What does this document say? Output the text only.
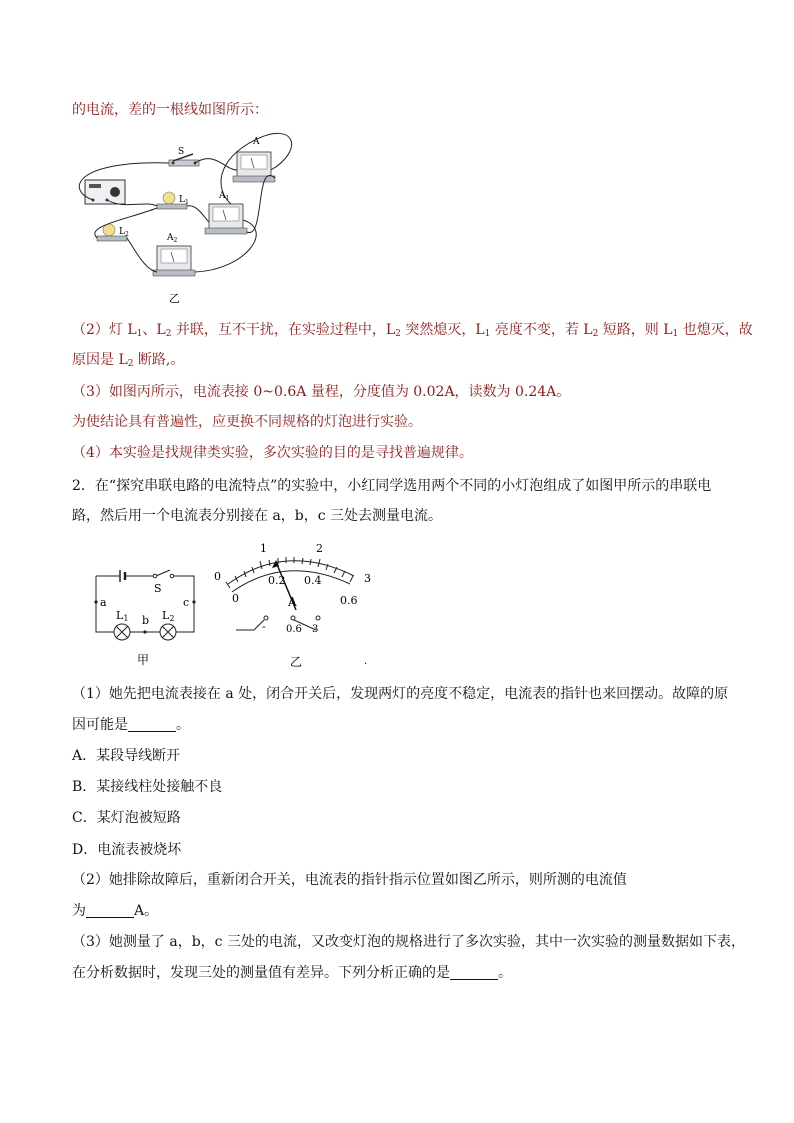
的电流，差的一根线如图所示：
S
A
$L_1$
$A_1$
$L_2$	$A_2$
乙
（2）灯 $L_1$、$L_2$ 并联，互不干扰，在实验过程中，$L_2$ 突然熄灭，$L_1$ 亮度不变，若 $L_2$ 短路，则 $L_1$ 也熄灭，故
原因是 $L_2$ 断路,。
（3）如图丙所示，电流表接 0~0.6A 量程，分度值为 0.02A，读数为 0.24A。
为使结论具有普遍性，应更换不同规格的灯泡进行实验。
（4）本实验是找规律类实验，多次实验的目的是寻找普遍规律。
2．在“探究串联电路的电流特点”的实验中，小红同学选用两个不同的小灯泡组成了如图甲所示的串联电
路，然后用一个电流表分别接在 a，b，c 三处去测量电流。
S
a
b
c
L1	L2
甲
0
1	2
3
0
0.2 0.4
0.6
A
- 0.6 3
乙	.
（1）她先把电流表接在 a 处，闭合开关后，发现两灯的亮度不稳定，电流表的指针也来回摆动。故障的原
因可能是	。
A．某段导线断开
B．某接线柱处接触不良
C．某灯泡被短路
D．电流表被烧坏
（2）她排除故障后，重新闭合开关，电流表的指针指示位置如图乙所示，则所测的电流值
为	A。
（3）她测量了 a，b，c 三处的电流，又改变灯泡的规格进行了多次实验，其中一次实验的测量数据如下表，
在分析数据时，发现三处的测量值有差异。下列分析正确的是	。
